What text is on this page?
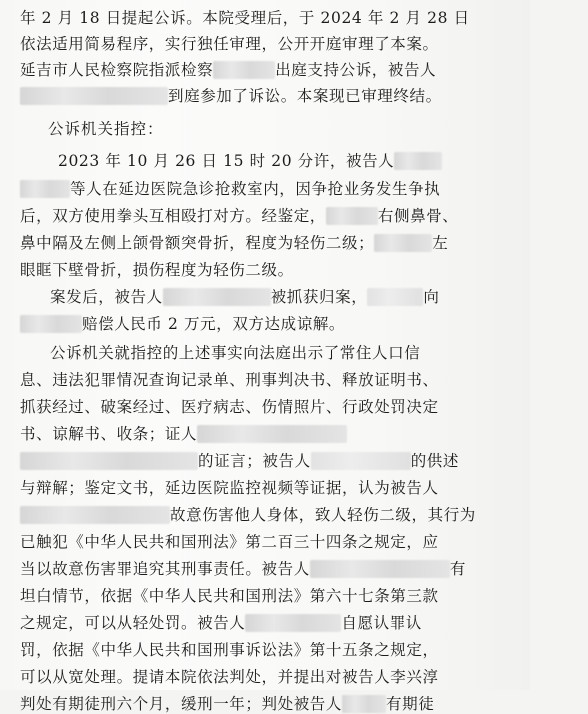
年 2 月 18 日提起公诉。本院受理后，于 2024 年 2 月 28 日
依法适用简易程序，实行独任审理，公开开庭审理了本案。
延吉市人民检察院指派检察	出庭支持公诉，被告人
到庭参加了诉讼。本案现已审理终结。
公诉机关指控：
2023 年 10 月 26 日 15 时 20 分许，被告人
等人在延边医院急诊抢救室内，因争抢业务发生争执
后，双方使用拳头互相殴打对方。经鉴定，	右侧鼻骨、
鼻中隔及左侧上颌骨额突骨折，程度为轻伤二级；	左
眼眶下壁骨折，损伤程度为轻伤二级。
案发后，被告人	被抓获归案，	向
赔偿人民币 2 万元，双方达成谅解。
公诉机关就指控的上述事实向法庭出示了常住人口信
息、违法犯罪情况查询记录单、刑事判决书、释放证明书、
抓获经过、破案经过、医疗病志、伤情照片、行政处罚决定
书、谅解书、收条；证人
的证言；被告人	的供述
与辩解；鉴定文书，延边医院监控视频等证据，认为被告人
故意伤害他人身体，致人轻伤二级，其行为
已触犯《中华人民共和国刑法》第二百三十四条之规定，应
当以故意伤害罪追究其刑事责任。被告人	有
坦白情节，依据《中华人民共和国刑法》第六十七条第三款
之规定，可以从轻处罚。被告人	自愿认罪认
罚，依据《中华人民共和国刑事诉讼法》第十五条之规定，
可以从宽处理。提请本院依法判处，并提出对被告人李兴淳
判处有期徒刑六个月，缓刑一年；判处被告人	有期徒
